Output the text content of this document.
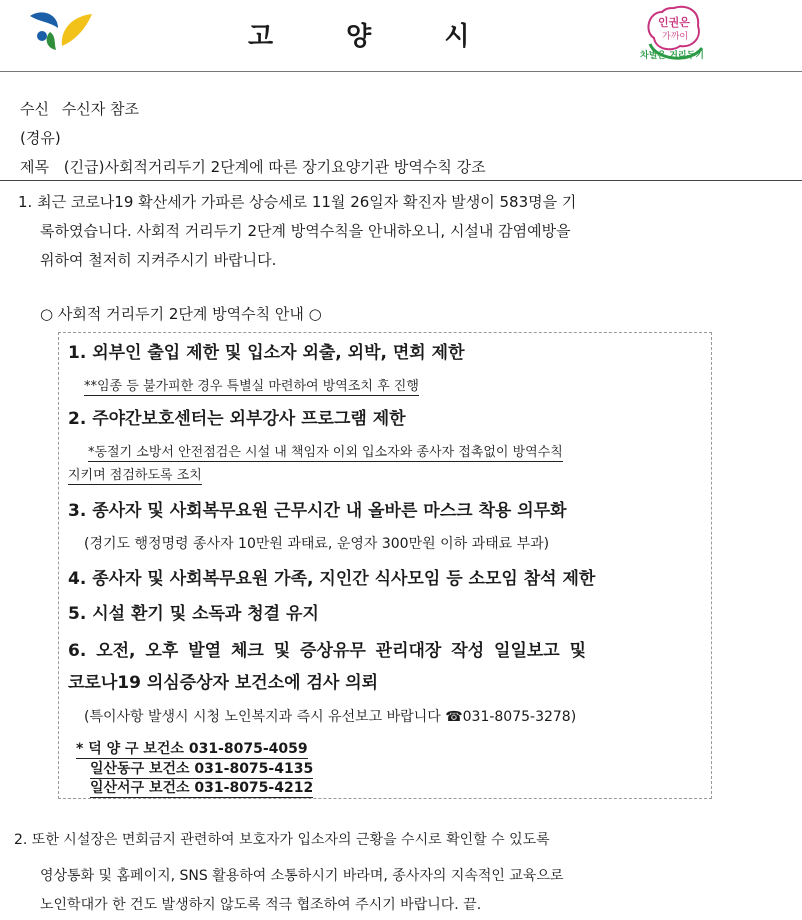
고 양 시	인권은
가까이
차별은 거리두기
수신 수신자 참조
(경유)
제목 (긴급)사회적거리두기 2단계에 따른 장기요양기관 방역수칙 강조
1. 최근 코로나19 확산세가 가파른 상승세로 11월 26일자 확진자 발생이 583명을 기
록하였습니다. 사회적 거리두기 2단계 방역수칙을 안내하오니, 시설내 감염예방을
위하여 철저히 지켜주시기 바랍니다.
○ 사회적 거리두기 2단계 방역수칙 안내 ○
1. 외부인 출입 제한 및 입소자 외출, 외박, 면회 제한
**임종 등 불가피한 경우 특별실 마련하여 방역조치 후 진행
2. 주야간보호센터는 외부강사 프로그램 제한
*동절기 소방서 안전점검은 시설 내 책임자 이외 입소자와 종사자 접촉없이 방역수칙
지키며 점검하도록 조치
3. 종사자 및 사회복무요원 근무시간 내 올바른 마스크 착용 의무화
(경기도 행정명령 종사자 10만원 과태료, 운영자 300만원 이하 과태료 부과)
4. 종사자 및 사회복무요원 가족, 지인간 식사모임 등 소모임 참석 제한
5. 시설 환기 및 소독과 청결 유지
6. 오전, 오후 발열 체크 및 증상유무 관리대장 작성 일일보고 및
코로나19 의심증상자 보건소에 검사 의뢰
(특이사항 발생시 시청 노인복지과 즉시 유선보고 바랍니다 ☎031-8075-3278)
* 덕 양 구 보건소 031-8075-4059
일산동구 보건소 031-8075-4135
일산서구 보건소 031-8075-4212
2. 또한 시설장은 면회금지 관련하여 보호자가 입소자의 근황을 수시로 확인할 수 있도록
영상통화 및 홈페이지, SNS 활용하여 소통하시기 바라며, 종사자의 지속적인 교육으로
노인학대가 한 건도 발생하지 않도록 적극 협조하여 주시기 바랍니다. 끝.
